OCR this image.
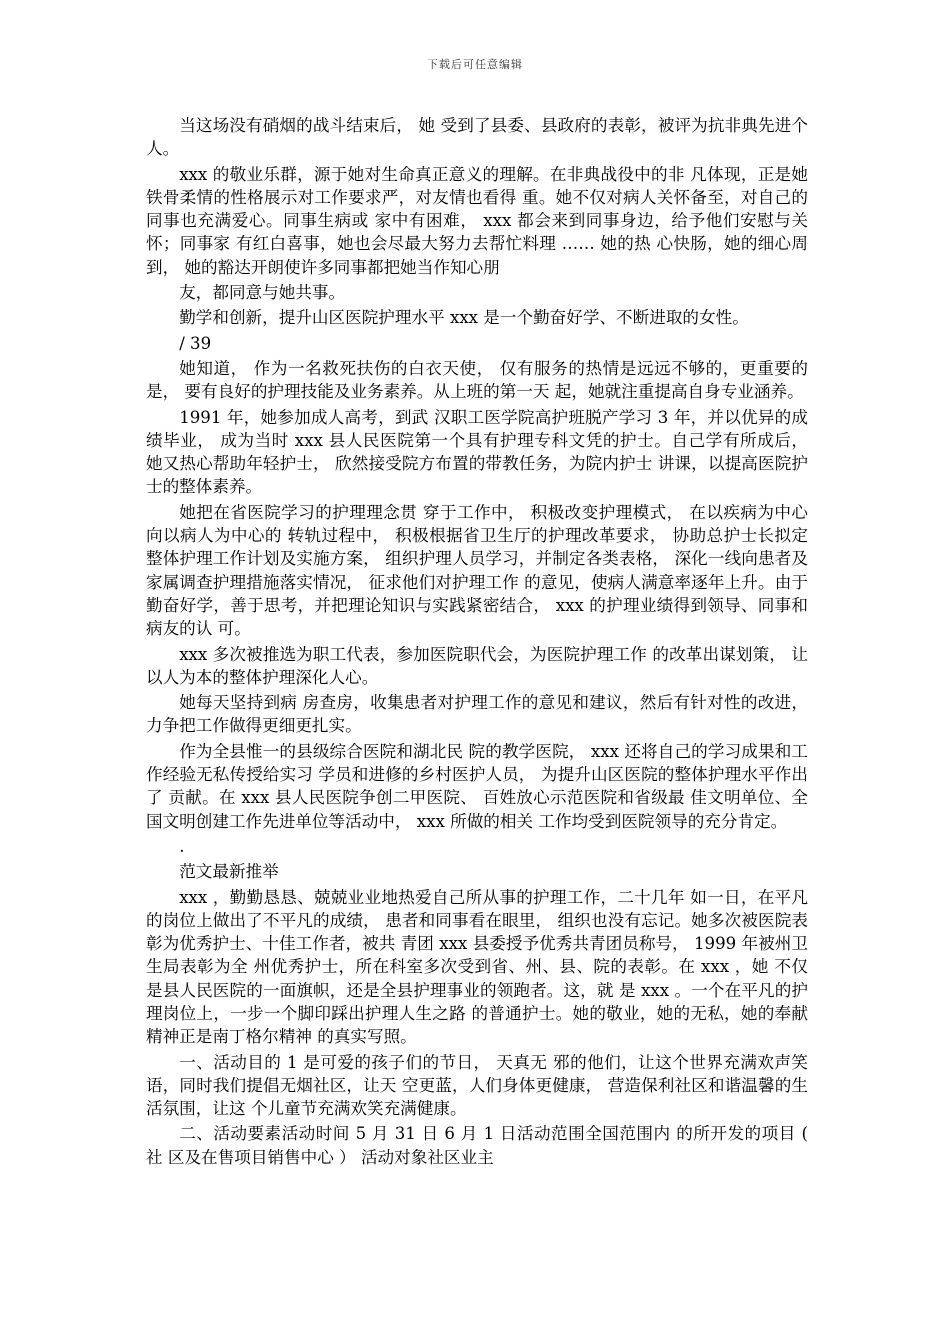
下载后可任意编辑

当这场没有硝烟的战斗结束后， 她 受到了县委、县政府的表彰，被评为抗非典先进个人。

xxx 的敬业乐群，源于她对生命真正意义的理解。在非典战役中的非 凡体现，正是她铁骨柔情的性格展示对工作要求严，对友情也看得 重。她不仅对病人关怀备至，对自己的同事也充满爱心。同事生病或 家中有困难， xxx 都会来到同事身边，给予他们安慰与关怀；同事家 有红白喜事，她也会尽最大努力去帮忙料理 …… 她的热 心快肠，她的细心周到， 她的豁达开朗使许多同事都把她当作知心朋

友，都同意与她共事。

勤学和创新，提升山区医院护理水平 xxx 是一个勤奋好学、不断进取的女性。

/ 39

她知道， 作为一名救死扶伤的白衣天使， 仅有服务的热情是远远不够的，更重要的是， 要有良好的护理技能及业务素养。从上班的第一天 起，她就注重提高自身专业涵养。

1991 年，她参加成人高考，到武 汉职工医学院高护班脱产学习 3 年，并以优异的成绩毕业， 成为当时 xxx 县人民医院第一个具有护理专科文凭的护士。自己学有所成后， 她又热心帮助年轻护士， 欣然接受院方布置的带教任务，为院内护士 讲课，以提高医院护士的整体素养。

她把在省医院学习的护理理念贯 穿于工作中， 积极改变护理模式， 在以疾病为中心向以病人为中心的 转轨过程中， 积极根据省卫生厅的护理改革要求， 协助总护士长拟定 整体护理工作计划及实施方案， 组织护理人员学习，并制定各类表格， 深化一线向患者及家属调查护理措施落实情况， 征求他们对护理工作 的意见，使病人满意率逐年上升。由于勤奋好学，善于思考，并把理论知识与实践紧密结合， xxx 的护理业绩得到领导、同事和病友的认 可。

xxx 多次被推选为职工代表，参加医院职代会，为医院护理工作 的改革出谋划策， 让以人为本的整体护理深化人心。

她每天坚持到病 房查房，收集患者对护理工作的意见和建议，然后有针对性的改进， 力争把工作做得更细更扎实。

作为全县惟一的县级综合医院和湖北民 院的教学医院， xxx 还将自己的学习成果和工作经验无私传授给实习 学员和进修的乡村医护人员， 为提升山区医院的整体护理水平作出了 贡献。在 xxx 县人民医院争创二甲医院、 百姓放心示范医院和省级最 佳文明单位、全国文明创建工作先进单位等活动中， xxx 所做的相关 工作均受到医院领导的充分肯定。

.

范文最新推举

xxx ，勤勤恳恳、兢兢业业地热爱自己所从事的护理工作，二十几年 如一日，在平凡的岗位上做出了不平凡的成绩， 患者和同事看在眼里， 组织也没有忘记。她多次被医院表彰为优秀护士、十佳工作者，被共 青团 xxx 县委授予优秀共青团员称号， 1999 年被州卫生局表彰为全 州优秀护士，所在科室多次受到省、州、县、院的表彰。在 xxx ，她 不仅是县人民医院的一面旗帜，还是全县护理事业的领跑者。这，就 是 xxx 。一个在平凡的护理岗位上，一步一个脚印踩出护理人生之路 的普通护士。她的敬业，她的无私，她的奉献精神正是南丁格尔精神 的真实写照。

一、活动目的 1 是可爱的孩子们的节日， 天真无 邪的他们，让这个世界充满欢声笑语，同时我们提倡无烟社区，让天 空更蓝，人们身体更健康， 营造保利社区和谐温馨的生活氛围，让这 个儿童节充满欢笑充满健康。

二、活动要素活动时间 5 月 31 日 6 月 1 日活动范围全国范围内 的所开发的项目 ( 社 区及在售项目销售中心 ） 活动对象社区业主
